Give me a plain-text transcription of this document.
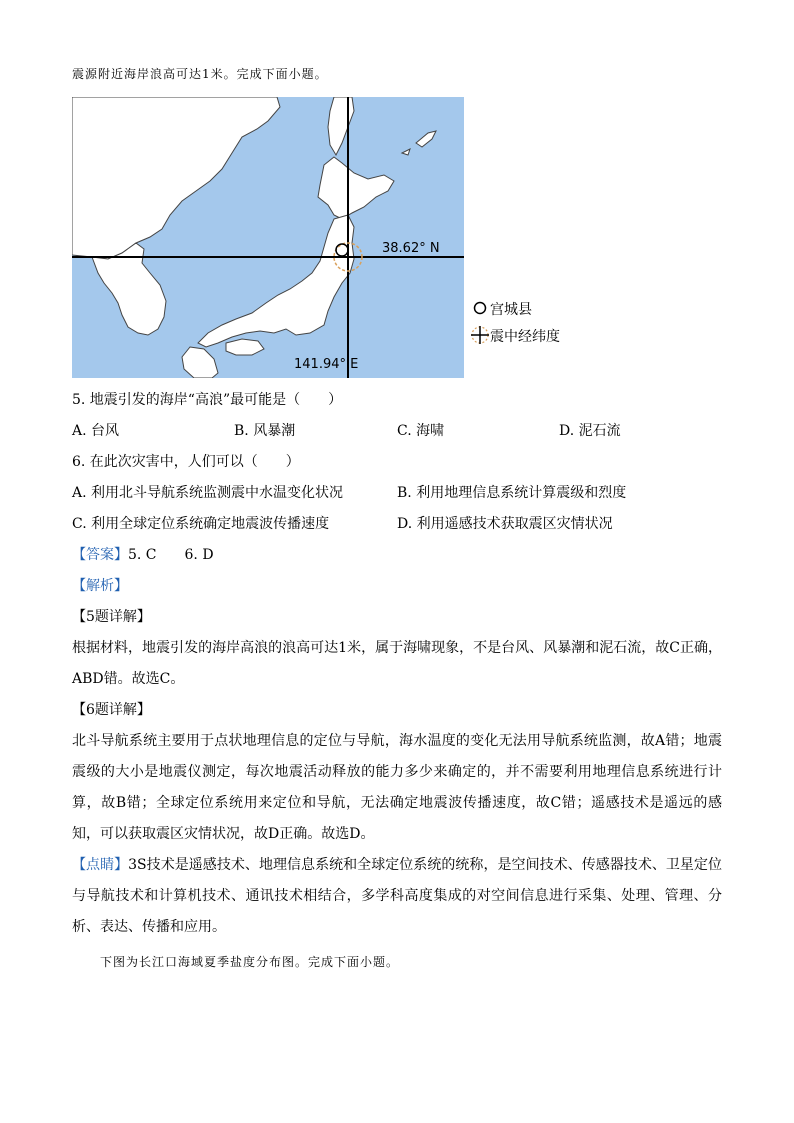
震源附近海岸浪高可达1米。完成下面小题。
38.62° N
141.94° E
宫城县
震中经纬度
5. 地震引发的海岸“高浪”最可能是（　　）
A. 台风	B. 风暴潮	C. 海啸	D. 泥石流
6. 在此次灾害中，人们可以（　　）
A. 利用北斗导航系统监测震中水温变化状况	B. 利用地理信息系统计算震级和烈度
C. 利用全球定位系统确定地震波传播速度	D. 利用遥感技术获取震区灾情状况
【答案】5. C　　6. D
【解析】
【5题详解】
根据材料，地震引发的海岸高浪的浪高可达1米，属于海啸现象，不是台风、风暴潮和泥石流，故C正确，ABD错。故选C。
【6题详解】
北斗导航系统主要用于点状地理信息的定位与导航，海水温度的变化无法用导航系统监测，故A错；地震震级的大小是地震仪测定，每次地震活动释放的能力多少来确定的，并不需要利用地理信息系统进行计算，故B错；全球定位系统用来定位和导航，无法确定地震波传播速度，故C错；遥感技术是遥远的感知，可以获取震区灾情状况，故D正确。故选D。
【点睛】3S技术是遥感技术、地理信息系统和全球定位系统的统称，是空间技术、传感器技术、卫星定位与导航技术和计算机技术、通讯技术相结合，多学科高度集成的对空间信息进行采集、处理、管理、分析、表达、传播和应用。
下图为长江口海域夏季盐度分布图。完成下面小题。
